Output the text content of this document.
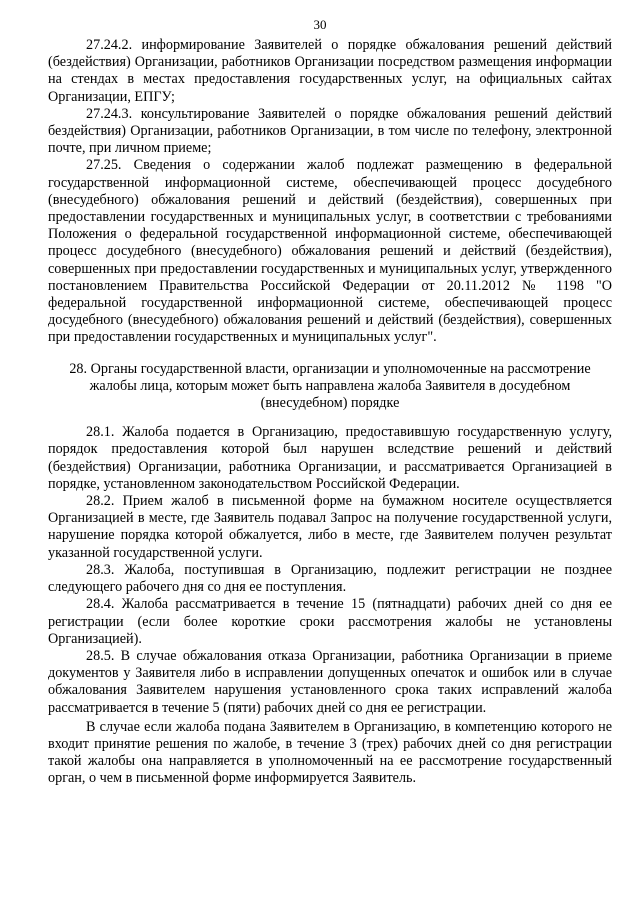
30

27.24.2. информирование Заявителей о порядке обжалования решений действий (бездействия) Организации, работников Организации посредством размещения информации на стендах в местах предоставления государственных услуг, на официальных сайтах Организации, ЕПГУ;

27.24.3. консультирование Заявителей о порядке обжалования решений действий бездействия) Организации, работников Организации, в том числе по телефону, электронной почте, при личном приеме;

27.25. Сведения о содержании жалоб подлежат размещению в федеральной государственной информационной системе, обеспечивающей процесс досудебного (внесудебного) обжалования решений и действий (бездействия), совершенных при предоставлении государственных и муниципальных услуг, в соответствии с требованиями Положения о федеральной государственной информационной системе, обеспечивающей процесс досудебного (внесудебного) обжалования решений и действий (бездействия), совершенных при предоставлении государственных и муниципальных услуг, утвержденного постановлением Правительства Российской Федерации от 20.11.2012 № 1198 "О федеральной государственной информационной системе, обеспечивающей процесс досудебного (внесудебного) обжалования решений и действий (бездействия), совершенных при предоставлении государственных и муниципальных услуг".

28. Органы государственной власти, организации и уполномоченные на рассмотрение жалобы лица, которым может быть направлена жалоба Заявителя в досудебном (внесудебном) порядке

28.1. Жалоба подается в Организацию, предоставившую государственную услугу, порядок предоставления которой был нарушен вследствие решений и действий (бездействия) Организации, работника Организации, и рассматривается Организацией в порядке, установленном законодательством Российской Федерации.

28.2. Прием жалоб в письменной форме на бумажном носителе осуществляется Организацией в месте, где Заявитель подавал Запрос на получение государственной услуги, нарушение порядка которой обжалуется, либо в месте, где Заявителем получен результат указанной государственной услуги.

28.3. Жалоба, поступившая в Организацию, подлежит регистрации не позднее следующего рабочего дня со дня ее поступления.

28.4. Жалоба рассматривается в течение 15 (пятнадцати) рабочих дней со дня ее регистрации (если более короткие сроки рассмотрения жалобы не установлены Организацией).

28.5. В случае обжалования отказа Организации, работника Организации в приеме документов у Заявителя либо в исправлении допущенных опечаток и ошибок или в случае обжалования Заявителем нарушения установленного срока таких исправлений жалоба рассматривается в течение 5 (пяти) рабочих дней со дня ее регистрации.

В случае если жалоба подана Заявителем в Организацию, в компетенцию которого не входит принятие решения по жалобе, в течение 3 (трех) рабочих дней со дня регистрации такой жалобы она направляется в уполномоченный на ее рассмотрение государственный орган, о чем в письменной форме информируется Заявитель.
